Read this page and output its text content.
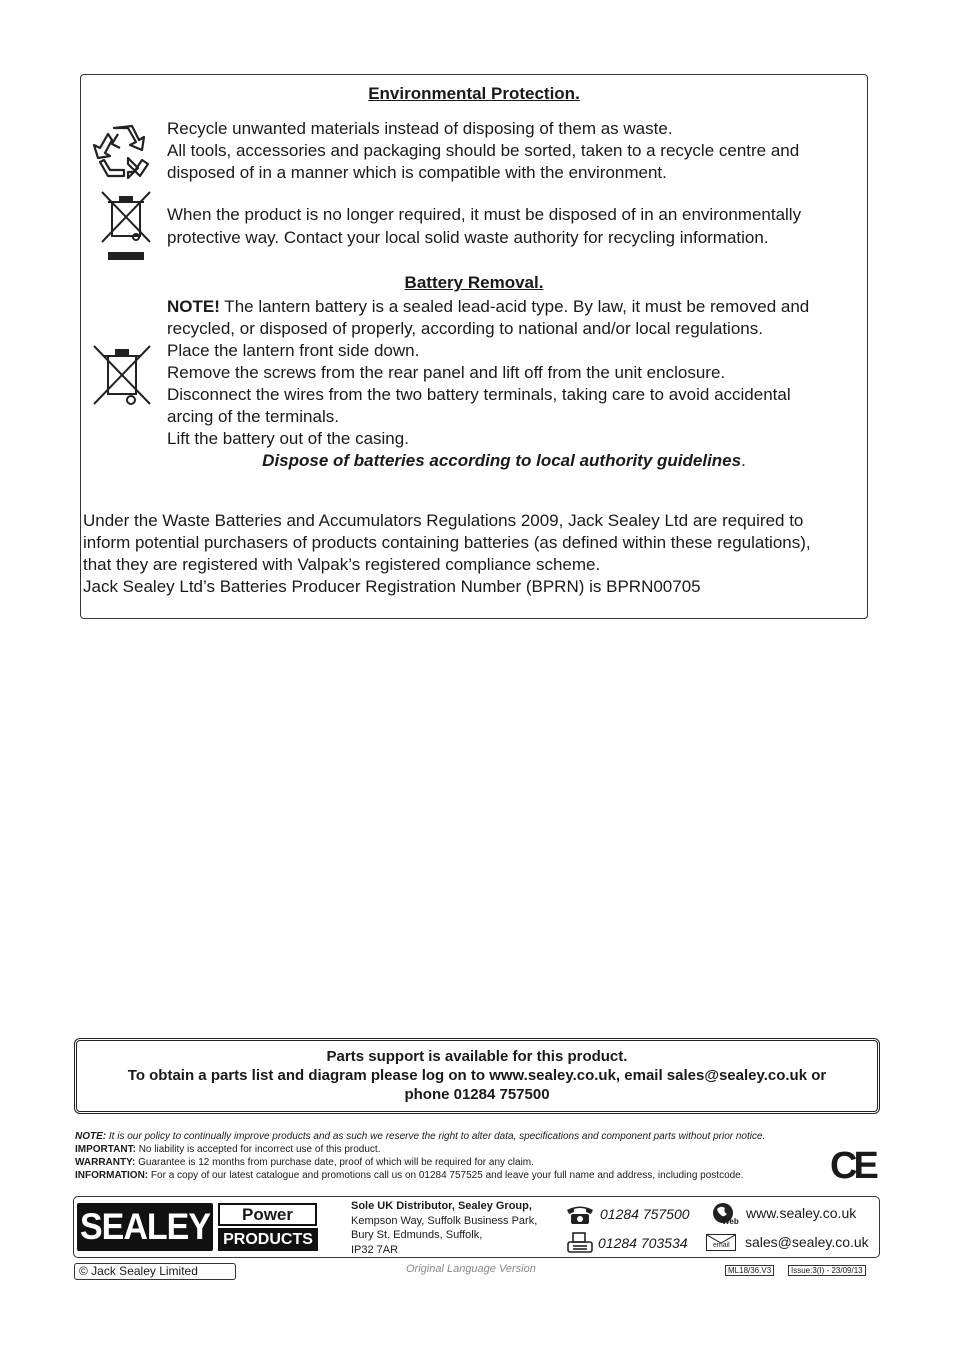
Environmental Protection.

Recycle unwanted materials instead of disposing of them as waste.

All tools, accessories and packaging should be sorted, taken to a recycle centre and

disposed of in a manner which is compatible with the environment.

When the product is no longer required, it must be disposed of in an environmentally

protective way. Contact your local solid waste authority for recycling information.

Battery Removal.

NOTE! The lantern battery is a sealed lead-acid type. By law, it must be removed and

recycled, or disposed of properly, according to national and/or local regulations.

Place the lantern front side down.

Remove the screws from the rear panel and lift off from the unit enclosure.

Disconnect the wires from the two battery terminals, taking care to avoid accidental

arcing of the terminals.

Lift the battery out of the casing.

Dispose of batteries according to local authority guidelines.

Under the Waste Batteries and Accumulators Regulations 2009, Jack Sealey Ltd are required to

inform potential purchasers of products containing batteries (as defined within these regulations),

that they are registered with Valpak’s registered compliance scheme.

Jack Sealey Ltd’s Batteries Producer Registration Number (BPRN) is BPRN00705

Parts support is available for this product.
To obtain a parts list and diagram please log on to www.sealey.co.uk, email sales@sealey.co.uk or
phone 01284 757500
NOTE: It is our policy to continually improve products and as such we reserve the right to alter data, specifications and component parts without prior notice.
IMPORTANT: No liability is accepted for incorrect use of this product.
WARRANTY: Guarantee is 12 months from purchase date, proof of which will be required for any claim.
INFORMATION: For a copy of our latest catalogue and promotions call us on 01284 757525 and leave your full name and address, including postcode.	CE
SEALEY	Power
PRODUCTS
Sole UK Distributor, Sealey Group,
Kempson Way, Suffolk Business Park,
Bury St. Edmunds, Suffolk,
IP32 7AR
01284 757500
01284 703534
Web
www.sealey.co.uk
email sales@sealey.co.uk
© Jack Sealey Limited	Original Language Version	ML18/36.V3	Issue:3(I) - 23/09/13
